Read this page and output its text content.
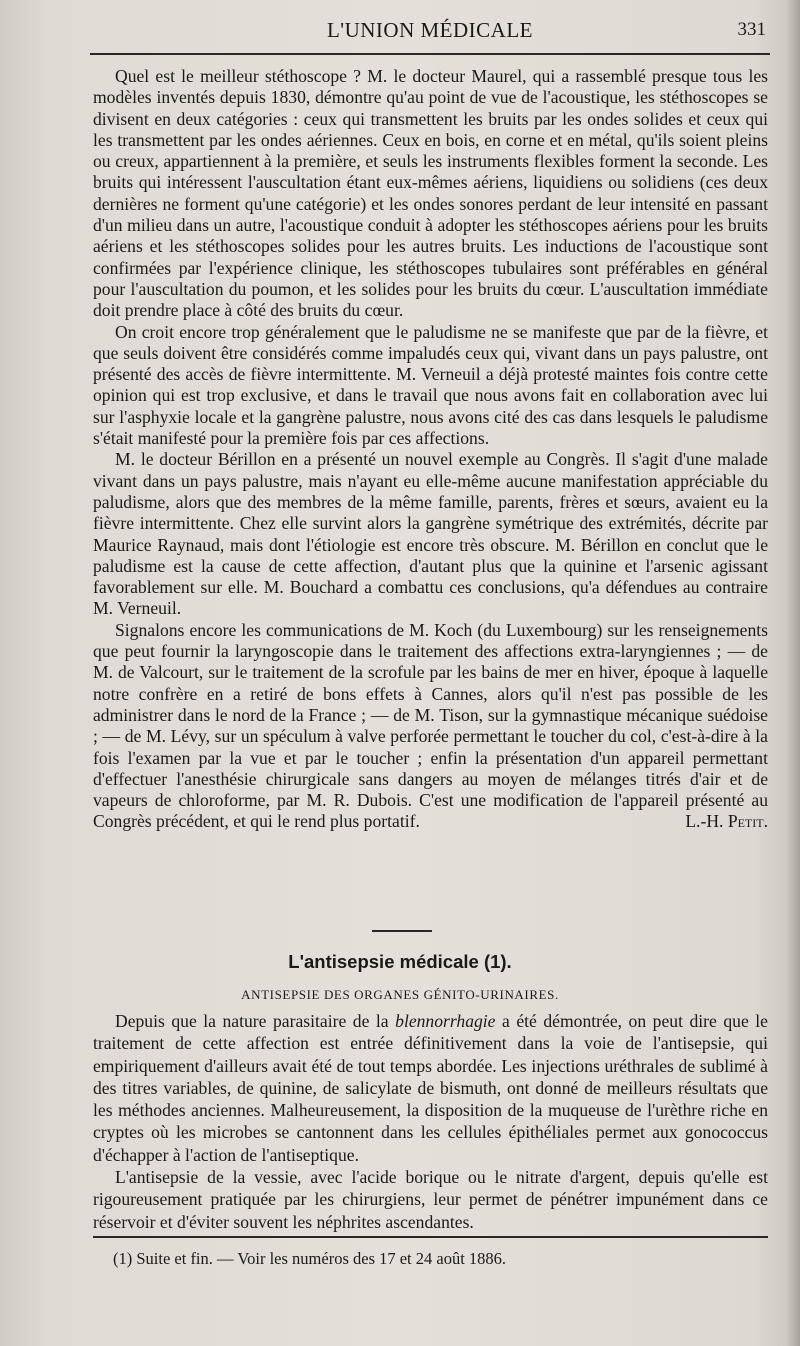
L'UNION MÉDICALE	331

Quel est le meilleur stéthoscope ? M. le docteur Maurel, qui a rassemblé presque tous les modèles inventés depuis 1830, démontre qu'au point de vue de l'acoustique, les stéthoscopes se divisent en deux catégories : ceux qui transmettent les bruits par les ondes solides et ceux qui les transmettent par les ondes aériennes. Ceux en bois, en corne et en métal, qu'ils soient pleins ou creux, appartiennent à la première, et seuls les instruments flexibles forment la seconde. Les bruits qui intéressent l'auscultation étant eux-mêmes aériens, liquidiens ou solidiens (ces deux dernières ne forment qu'une catégorie) et les ondes sonores perdant de leur intensité en passant d'un milieu dans un autre, l'acoustique conduit à adopter les stéthoscopes aériens pour les bruits aériens et les stéthoscopes solides pour les autres bruits. Les inductions de l'acoustique sont confirmées par l'expérience clinique, les stéthoscopes tubulaires sont préférables en général pour l'auscultation du poumon, et les solides pour les bruits du cœur. L'auscultation immédiate doit prendre place à côté des bruits du cœur.

On croit encore trop généralement que le paludisme ne se manifeste que par de la fièvre, et que seuls doivent être considérés comme impaludés ceux qui, vivant dans un pays palustre, ont présenté des accès de fièvre intermittente. M. Verneuil a déjà protesté maintes fois contre cette opinion qui est trop exclusive, et dans le travail que nous avons fait en collaboration avec lui sur l'asphyxie locale et la gangrène palustre, nous avons cité des cas dans lesquels le paludisme s'était manifesté pour la première fois par ces affections.

M. le docteur Bérillon en a présenté un nouvel exemple au Congrès. Il s'agit d'une malade vivant dans un pays palustre, mais n'ayant eu elle-même aucune manifestation appréciable du paludisme, alors que des membres de la même famille, parents, frères et sœurs, avaient eu la fièvre intermittente. Chez elle survint alors la gangrène symétrique des extrémités, décrite par Maurice Raynaud, mais dont l'étiologie est encore très obscure. M. Bérillon en conclut que le paludisme est la cause de cette affection, d'autant plus que la quinine et l'arsenic agissant favorablement sur elle. M. Bouchard a combattu ces conclusions, qu'a défendues au contraire M. Verneuil.

Signalons encore les communications de M. Koch (du Luxembourg) sur les renseignements que peut fournir la laryngoscopie dans le traitement des affections extra-laryngiennes ; — de M. de Valcourt, sur le traitement de la scrofule par les bains de mer en hiver, époque à laquelle notre confrère en a retiré de bons effets à Cannes, alors qu'il n'est pas possible de les administrer dans le nord de la France ; — de M. Tison, sur la gymnastique mécanique suédoise ; — de M. Lévy, sur un spéculum à valve perforée permettant le toucher du col, c'est-à-dire à la fois l'examen par la vue et par le toucher ; enfin la présentation d'un appareil permettant d'effectuer l'anesthésie chirurgicale sans dangers au moyen de mélanges titrés d'air et de vapeurs de chloroforme, par M. R. Dubois. C'est une modification de l'appareil présenté au Congrès précédent, et qui le rend plus portatif.	L.-H. Petit.

L'antisepsie médicale (1).
ANTISEPSIE DES ORGANES GÉNITO-URINAIRES.

Depuis que la nature parasitaire de la blennorrhagie a été démontrée, on peut dire que le traitement de cette affection est entrée définitivement dans la voie de l'antisepsie, qui empiriquement d'ailleurs avait été de tout temps abordée. Les injections uréthrales de sublimé à des titres variables, de quinine, de salicylate de bismuth, ont donné de meilleurs résultats que les méthodes anciennes. Malheureusement, la disposition de la muqueuse de l'urèthre riche en cryptes où les microbes se cantonnent dans les cellules épithéliales permet aux gonococcus d'échapper à l'action de l'antiseptique.

L'antisepsie de la vessie, avec l'acide borique ou le nitrate d'argent, depuis qu'elle est rigoureusement pratiquée par les chirurgiens, leur permet de pénétrer impunément dans ce réservoir et d'éviter souvent les néphrites ascendantes.

(1) Suite et fin. — Voir les numéros des 17 et 24 août 1886.
